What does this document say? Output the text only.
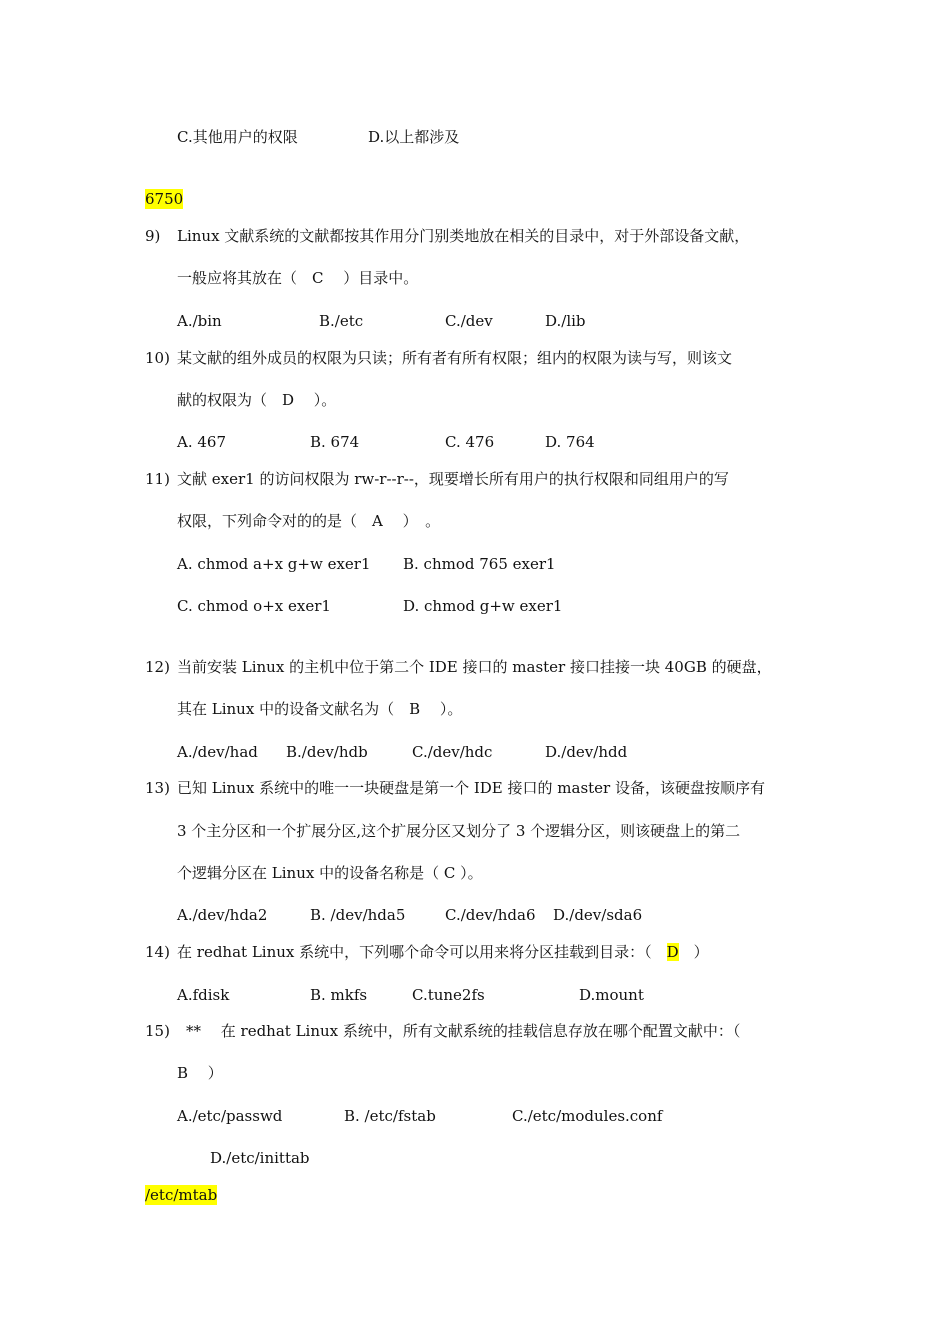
C.其他用户的权限	D.以上都涉及
6750
9) Linux 文献系统的文献都按其作用分门别类地放在相关的目录中，对于外部设备文献，
一般应将其放在（　C　 ）目录中。
A./bin	B./etc	C./dev	D./lib
10) 某文献的组外成员的权限为只读；所有者有所有权限；组内的权限为读与写，则该文
献的权限为（　D　 ）。
A. 467	B. 674	C. 476	D. 764
11) 文献 exer1 的访问权限为 rw-r--r--，现要增长所有用户的执行权限和同组用户的写
权限，下列命令对的的是（　A　 ）　。
A. chmod a+x g+w exer1 B. chmod 765 exer1
C. chmod o+x exer1	D. chmod g+w exer1
12) 当前安装 Linux 的主机中位于第二个 IDE 接口的 master 接口挂接一块 40GB 的硬盘，
其在 Linux 中的设备文献名为（　B　 ）。
A./dev/had B./dev/hdb	C./dev/hdc	D./dev/hdd
13) 已知 Linux 系统中的唯一一块硬盘是第一个 IDE 接口的 master 设备，该硬盘按顺序有
3 个主分区和一个扩展分区,这个扩展分区又划分了 3 个逻辑分区，则该硬盘上的第二
个逻辑分区在 Linux 中的设备名称是（ C ）。
A./dev/hda2	B. /dev/hda5	C./dev/hda6 D./dev/sda6
14) 在 redhat Linux 系统中，下列哪个命令可以用来将分区挂载到目录：（　D　）
A.fdisk	B. mkfs	C.tune2fs	D.mount
15) **　 在 redhat Linux 系统中，所有文献系统的挂载信息存放在哪个配置文献中：（
B　 ）
A./etc/passwd	B. /etc/fstab	C./etc/modules.conf
D./etc/inittab
/etc/mtab
